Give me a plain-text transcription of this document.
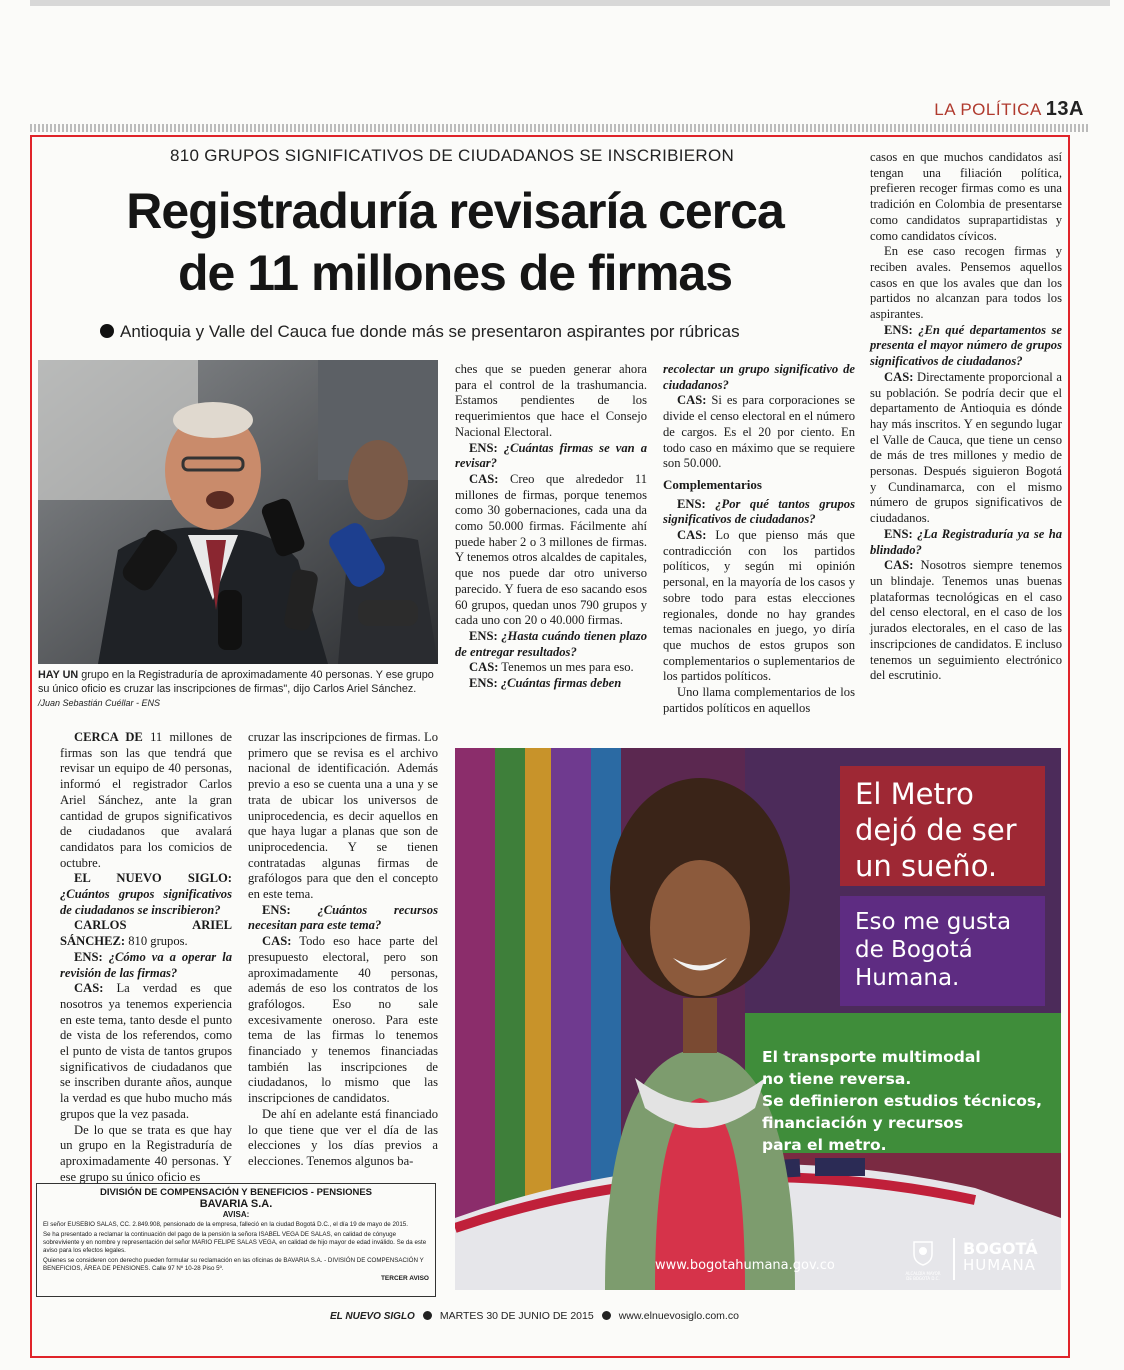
LA POLÍTICA 13A
810 GRUPOS SIGNIFICATIVOS DE CIUDADANOS SE INSCRIBIERON
Registraduría revisaría cerca
de 11 millones de firmas
Antioquia y Valle del Cauca fue donde más se presentaron aspirantes por rúbricas
HAY UN grupo en la Registraduría de aproximadamente 40 personas. Y ese grupo su único oficio es cruzar las inscripciones de firmas", dijo Carlos Ariel Sánchez. /Juan Sebastián Cuéllar - ENS

CERCA DE 11 millones de firmas son las que tendrá que revisar un equipo de 40 personas, informó el registrador Carlos Ariel Sánchez, ante la gran cantidad de grupos significativos de ciudadanos que avalará candidatos para los comicios de octubre.

EL NUEVO SIGLO: ¿Cuántos grupos significativos de ciudadanos se inscribieron?

CARLOS ARIEL SÁNCHEZ: 810 grupos.

ENS: ¿Cómo va a operar la revisión de las firmas?

CAS: La verdad es que nosotros ya tenemos experiencia en este tema, tanto desde el punto de vista de los referendos, como el punto de vista de tantos grupos significativos de ciudadanos que se inscriben durante años, aunque la verdad es que hubo mucho más grupos que la vez pasada.

De lo que se trata es que hay un grupo en la Registraduría de aproximadamente 40 personas. Y ese grupo su único oficio es

cruzar las inscripciones de firmas. Lo primero que se revisa es el archivo nacional de identificación. Además previo a eso se cuenta una a una y se trata de ubicar los universos de uniprocedencia, es decir aquellos en que haya lugar a planas que son de uniprocedencia. Y se tienen contratadas algunas firmas de grafólogos para que den el concepto en este tema.

ENS: ¿Cuántos recursos necesitan para este tema?

CAS: Todo eso hace parte del presupuesto electoral, pero son aproximadamente 40 personas, además de eso los contratos de los grafólogos. Eso no sale excesivamente oneroso. Para este tema de las firmas lo tenemos financiado y tenemos financiadas también las inscripciones de ciudadanos, lo mismo que las inscripciones de candidatos.

De ahí en adelante está financiado lo que tiene que ver el día de las elecciones y los días previos a elecciones. Tenemos algunos ba-

ches que se pueden generar ahora para el control de la trashumancia. Estamos pendientes de los requerimientos que hace el Consejo Nacional Electoral.

ENS: ¿Cuántas firmas se van a revisar?

CAS: Creo que alrededor 11 millones de firmas, porque tenemos como 30 gobernaciones, cada una da como 50.000 firmas. Fácilmente ahí puede haber 2 o 3 millones de firmas. Y tenemos otros alcaldes de capitales, que nos puede dar otro universo parecido. Y fuera de eso sacando esos 60 grupos, quedan unos 790 grupos y cada uno con 20 o 40.000 firmas.

ENS: ¿Hasta cuándo tienen plazo de entregar resultados?

CAS: Tenemos un mes para eso.

ENS: ¿Cuántas firmas deben

recolectar un grupo significativo de ciudadanos?

CAS: Si es para corporaciones se divide el censo electoral en el número de cargos. Es el 20 por ciento. En todo caso en máximo que se requiere son 50.000.

Complementarios

ENS: ¿Por qué tantos grupos significativos de ciudadanos?

CAS: Lo que pienso más que contradicción con los partidos políticos, y según mi opinión personal, en la mayoría de los casos y sobre todo para estas elecciones regionales, donde no hay grandes temas nacionales en juego, yo diría que muchos de estos grupos son complementarios o suplementarios de los partidos políticos.

Uno llama complementarios de los partidos políticos en aquellos

casos en que muchos candidatos así tengan una filiación política, prefieren recoger firmas como es una tradición en Colombia de presentarse como candidatos suprapartidistas y como candidatos cívicos.

En ese caso recogen firmas y reciben avales. Pensemos aquellos casos en que los avales que dan los partidos no alcanzan para todos los aspirantes.

ENS: ¿En qué departamentos se presenta el mayor número de grupos significativos de ciudadanos?

CAS: Directamente proporcional a su población. Se podría decir que el departamento de Antioquia es dónde hay más inscritos. Y en segundo lugar el Valle de Cauca, que tiene un censo de más de tres millones y medio de personas. Después siguieron Bogotá y Cundinamarca, con el mismo número de grupos significativos de ciudadanos.

ENS: ¿La Registraduría ya se ha blindado?

CAS: Nosotros siempre tenemos un blindaje. Tenemos unas buenas plataformas tecnológicas en el caso del censo electoral, en el caso de los jurados electorales, en el caso de las inscripciones de candidatos. E incluso tenemos un seguimiento electrónico del escrutinio.

El Metro
dejó de ser
un sueño.
Eso me gusta
de Bogotá
Humana.
El transporte multimodal
no tiene reversa.
Se definieron estudios técnicos,
financiación y recursos
para el metro.
www.bogotahumana.gov.co
ALCALDÍA MAYOR DE BOGOTÁ D.C.
BOGOTÁ
HUMANA
DIVISIÓN DE COMPENSACIÓN Y BENEFICIOS - PENSIONES
BAVARIA S.A.
AVISA:
El señor EUSEBIO SALAS, CC. 2.849.908, pensionado de la empresa, falleció en la ciudad Bogotá D.C., el día 19 de mayo de 2015.
Se ha presentado a reclamar la continuación del pago de la pensión la señora ISABEL VEGA DE SALAS, en calidad de cónyuge sobreviviente y en nombre y representación del señor MARIO FELIPE SALAS VEGA, en calidad de hijo mayor de edad inválido. Se da este aviso para los efectos legales.
Quienes se consideren con derecho pueden formular su reclamación en las oficinas de BAVARIA S.A. - DIVISIÓN DE COMPENSACIÓN Y BENEFICIOS, ÁREA DE PENSIONES. Calle 97 Nº 10-28 Piso 5º.
TERCER AVISO
EL NUEVO SIGLO MARTES 30 DE JUNIO DE 2015 www.elnuevosiglo.com.co
